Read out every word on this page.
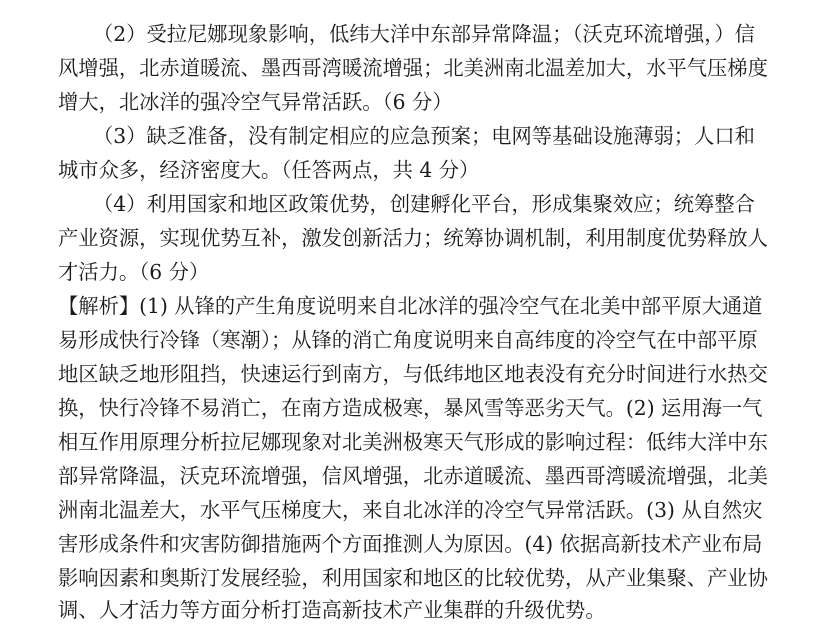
（2）受拉尼娜现象影响，低纬大洋中东部异常降温；（沃克环流增强，）信
风增强，北赤道暖流、墨西哥湾暖流增强；北美洲南北温差加大，水平气压梯度
增大，北冰洋的强冷空气异常活跃。（6 分）
（3）缺乏准备，没有制定相应的应急预案；电网等基础设施薄弱；人口和
城市众多，经济密度大。（任答两点，共 4 分）
（4）利用国家和地区政策优势，创建孵化平台，形成集聚效应；统筹整合
产业资源，实现优势互补，激发创新活力；统筹协调机制，利用制度优势释放人
才活力。（6 分）
【解析】(1) 从锋的产生角度说明来自北冰洋的强冷空气在北美中部平原大通道
易形成快行冷锋（寒潮）；从锋的消亡角度说明来自高纬度的冷空气在中部平原
地区缺乏地形阻挡，快速运行到南方，与低纬地区地表没有充分时间进行水热交
换，快行冷锋不易消亡，在南方造成极寒，暴风雪等恶劣天气。(2) 运用海一气
相互作用原理分析拉尼娜现象对北美洲极寒天气形成的影响过程：低纬大洋中东
部异常降温，沃克环流增强，信风增强，北赤道暖流、墨西哥湾暖流增强，北美
洲南北温差大，水平气压梯度大，来自北冰洋的冷空气异常活跃。(3) 从自然灾
害形成条件和灾害防御措施两个方面推测人为原因。(4) 依据高新技术产业布局
影响因素和奥斯汀发展经验，利用国家和地区的比较优势，从产业集聚、产业协
调、人才活力等方面分析打造高新技术产业集群的升级优势。
